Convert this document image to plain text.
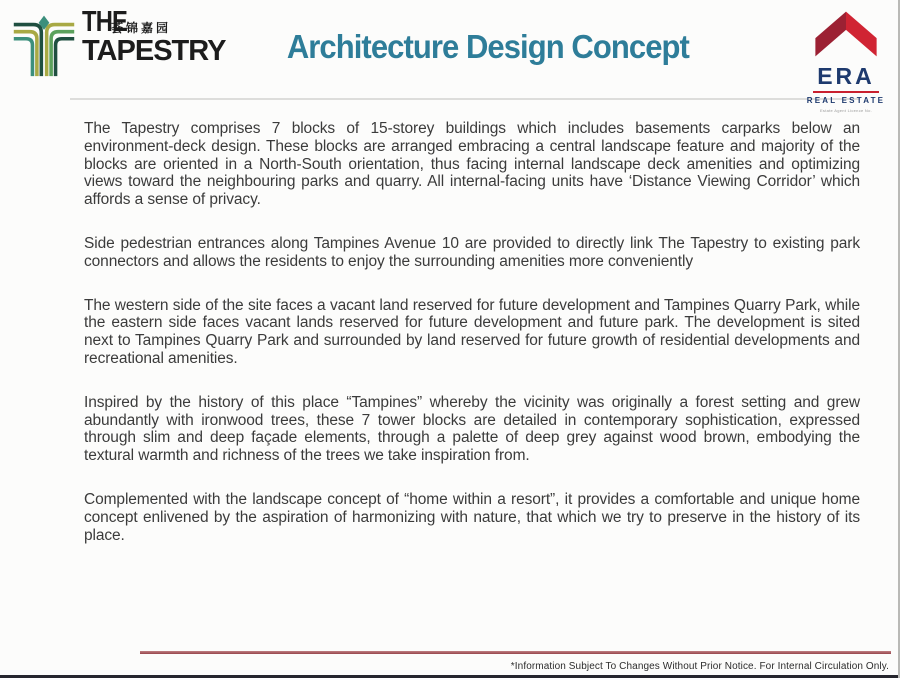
THE
荟锦嘉园
TAPESTRY	Architecture Design Concept
ERA
REAL ESTATE
Estate Agent Licence No.

The Tapestry comprises 7 blocks of 15-storey buildings which includes basements carparks below an environment-deck design. These blocks are arranged embracing a central landscape feature and majority of the blocks are oriented in a North-South orientation, thus facing internal landscape deck amenities and optimizing views toward the neighbouring parks and quarry. All internal-facing units have ‘Distance Viewing Corridor’ which affords a sense of privacy.

Side pedestrian entrances along Tampines Avenue 10 are provided to directly link The Tapestry to existing park connectors and allows the residents to enjoy the surrounding amenities more conveniently

The western side of the site faces a vacant land reserved for future development and Tampines Quarry Park, while the eastern side faces vacant lands reserved for future development and future park. The development is sited next to Tampines Quarry Park and surrounded by land reserved for future growth of residential developments and recreational amenities.

Inspired by the history of this place “Tampines” whereby the vicinity was originally a forest setting and grew abundantly with ironwood trees, these 7 tower blocks are detailed in contemporary sophistication, expressed through slim and deep façade elements, through a palette of deep grey against wood brown, embodying the textural warmth and richness of the trees we take inspiration from.

Complemented with the landscape concept of “home within a resort”, it provides a comfortable and unique home concept enlivened by the aspiration of harmonizing with nature, that which we try to preserve in the history of its place.

*Information Subject To Changes Without Prior Notice. For Internal Circulation Only.
